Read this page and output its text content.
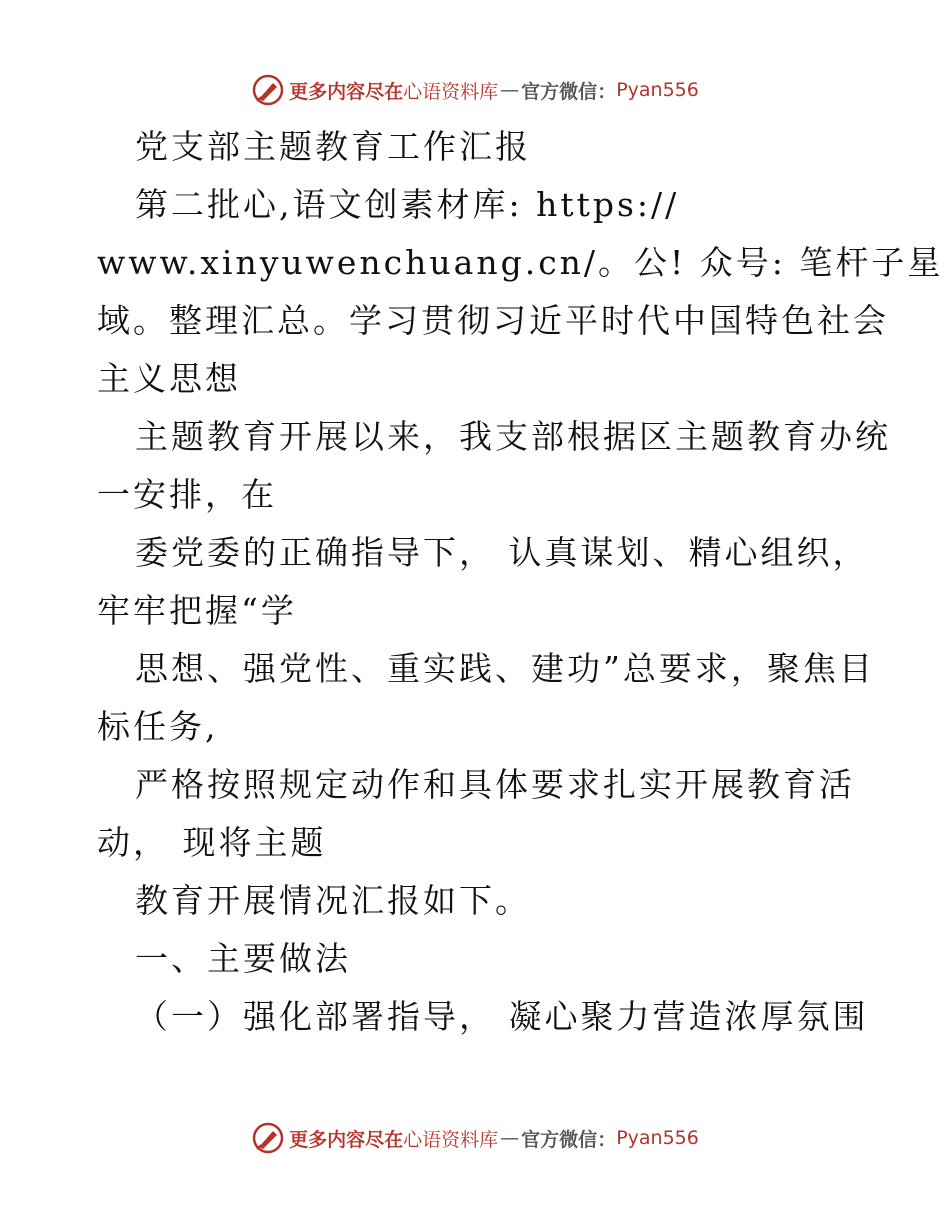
更多内容尽在 心语资料库 — 官方微信 ： Pyan556
党支部主题教育工作汇报
第二批心,语文创素材库: https://
www.xinyuwenchuang.cn/。公! 众号: 笔杆子星
域。整理汇总。学习贯彻习近平时代中国特色社会
主义思想
主题教育开展以来，我支部根据区主题教育办统
一安排，在
委党委的正确指导下， 认真谋划、精心组织，
牢牢把握“学
思想、强党性、重实践、建功”总要求，聚焦目
标任务,
严格按照规定动作和具体要求扎实开展教育活
动， 现将主题
教育开展情况汇报如下。
一、主要做法
（一）强化部署指导， 凝心聚力营造浓厚氛围
更多内容尽在 心语资料库 — 官方微信 ： Pyan556
